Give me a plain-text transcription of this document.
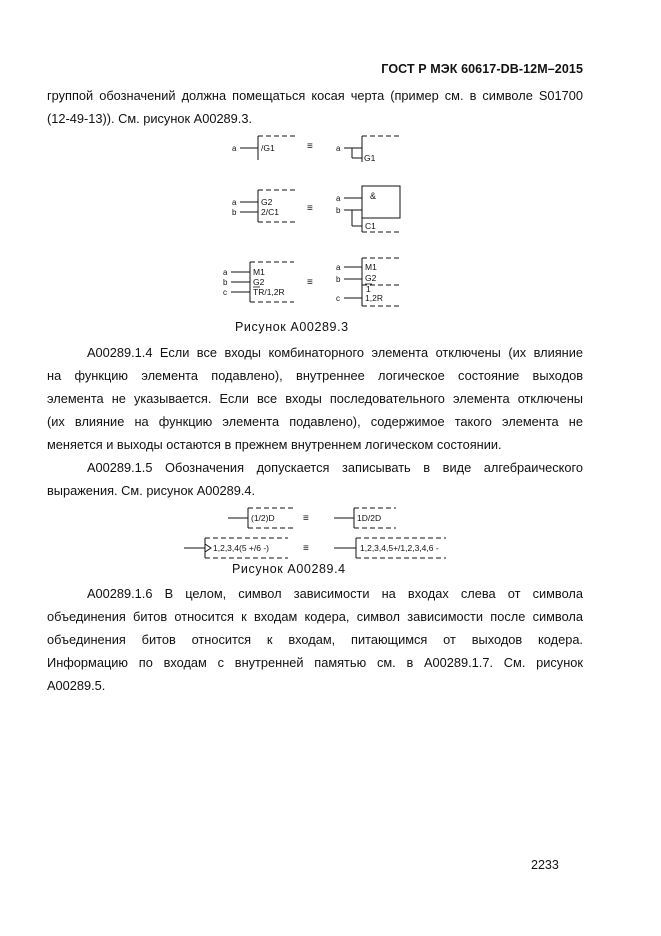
ГОСТ Р МЭК 60617-DB-12M–2015
группой обозначений должна помещаться косая черта (пример см. в символе S01700
(12-49-13)). См. рисунок A00289.3.
a	/G1	≡	a
G1
a
b
G2
2/C1	≡
a
b
&
C1
a
b
c
M1
G2
TR/1,2R
≡
a
b
c
M1
G2
1
1,2R
Рисунок A00289.3
A00289.1.4 Если все входы комбинаторного элемента отключены (их влияние
на функцию элемента подавлено), внутреннее логическое состояние выходов
элемента не указывается. Если все входы последовательного элемента отключены
(их влияние на функцию элемента подавлено), содержимое такого элемента не
меняется и выходы остаются в прежнем внутреннем логическом состоянии.
A00289.1.5 Обозначения допускается записывать в виде алгебраического
выражения. См. рисунок A00289.4.
(1/2)D	≡	1D/2D
1,2,3,4(5 +/6 -)	≡	1,2,3,4,5+/1,2,3,4,6 -
Рисунок A00289.4
A00289.1.6 В целом, символ зависимости на входах слева от символа
объединения битов относится к входам кодера, символ зависимости после символа
объединения битов относится к входам, питающимся от выходов кодера.
Информацию по входам с внутренней памятью см. в A00289.1.7. См. рисунок
A00289.5.
2233
